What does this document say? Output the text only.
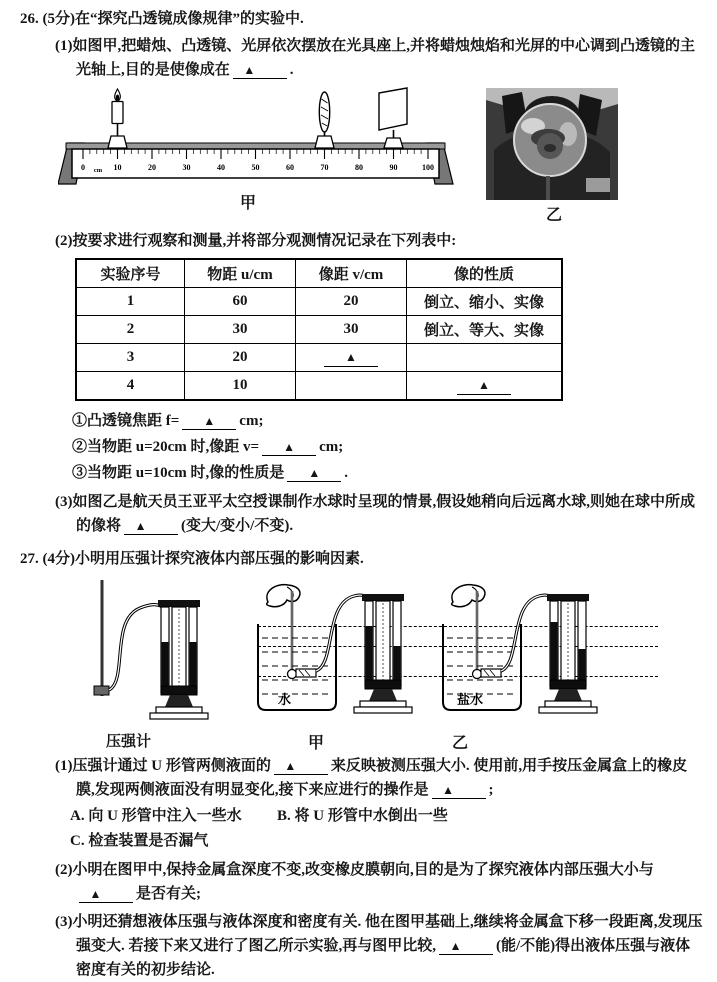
26. (5分)在“探究凸透镜成像规律”的实验中.
(1)如图甲,把蜡烛、凸透镜、光屏依次摆放在光具座上,并将蜡烛烛焰和光屏的中心调到凸透镜的主光轴上,目的是使像成在 ▲ .
0 cm 10	20	30	40	50	60	70	80	90	100
甲
乙
(2)按要求进行观察和测量,并将部分观测情况记录在下列表中:
实验序号	物距 u/cm	像距 v/cm	像的性质
1	60	20	倒立、缩小、实像
2	30	30	倒立、等大、实像
3	20	▲	
4	10		▲
①凸透镜焦距 f= ▲ cm;
②当物距 u=20cm 时,像距 v= ▲ cm;
③当物距 u=10cm 时,像的性质是 ▲ .
(3)如图乙是航天员王亚平太空授课制作水球时呈现的情景,假设她稍向后远离水球,则她在球中所成的像将 ▲ (变大/变小/不变).
27. (4分)小明用压强计探究液体内部压强的影响因素.
水	盐水
压强计	甲	乙
(1)压强计通过 U 形管两侧液面的 ▲ 来反映被测压强大小. 使用前,用手按压金属盒上的橡皮膜,发现两侧液面没有明显变化,接下来应进行的操作是 ▲ ;
A. 向 U 形管中注入一些水	B. 将 U 形管中水倒出一些
C. 检查装置是否漏气
(2)小明在图甲中,保持金属盒深度不变,改变橡皮膜朝向,目的是为了探究液体内部压强大小与▲ 是否有关;
(3)小明还猜想液体压强与液体深度和密度有关. 他在图甲基础上,继续将金属盒下移一段距离,发现压强变大. 若接下来又进行了图乙所示实验,再与图甲比较, ▲ (能/不能)得出液体压强与液体密度有关的初步结论.
